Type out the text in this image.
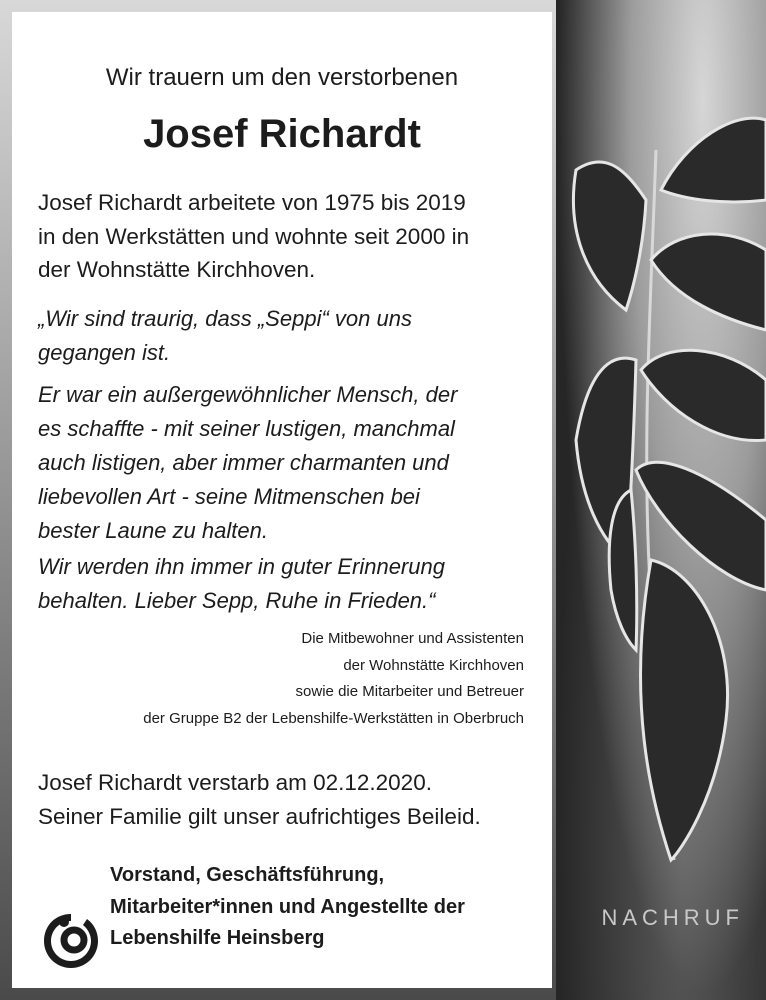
Wir trauern um den verstorbenen

Josef Richardt

Josef Richardt arbeitete von 1975 bis 2019
in den Werkstätten und wohnte seit 2000 in
der Wohnstätte Kirchhoven.

„Wir sind traurig, dass „Seppi“ von uns
gegangen ist.

Er war ein außergewöhnlicher Mensch, der
es schaffte - mit seiner lustigen, manchmal
auch listigen, aber immer charmanten und
liebevollen Art - seine Mitmenschen bei
bester Laune zu halten.

Wir werden ihn immer in guter Erinnerung
behalten. Lieber Sepp, Ruhe in Frieden.“

Die Mitbewohner und Assistenten
der Wohnstätte Kirchhoven
sowie die Mitarbeiter und Betreuer
der Gruppe B2 der Lebenshilfe-Werkstätten in Oberbruch

Josef Richardt verstarb am 02.12.2020.
Seiner Familie gilt unser aufrichtiges Beileid.

Vorstand, Geschäftsführung,
Mitarbeiter*innen und Angestellte der
Lebenshilfe Heinsberg

NACHRUF
